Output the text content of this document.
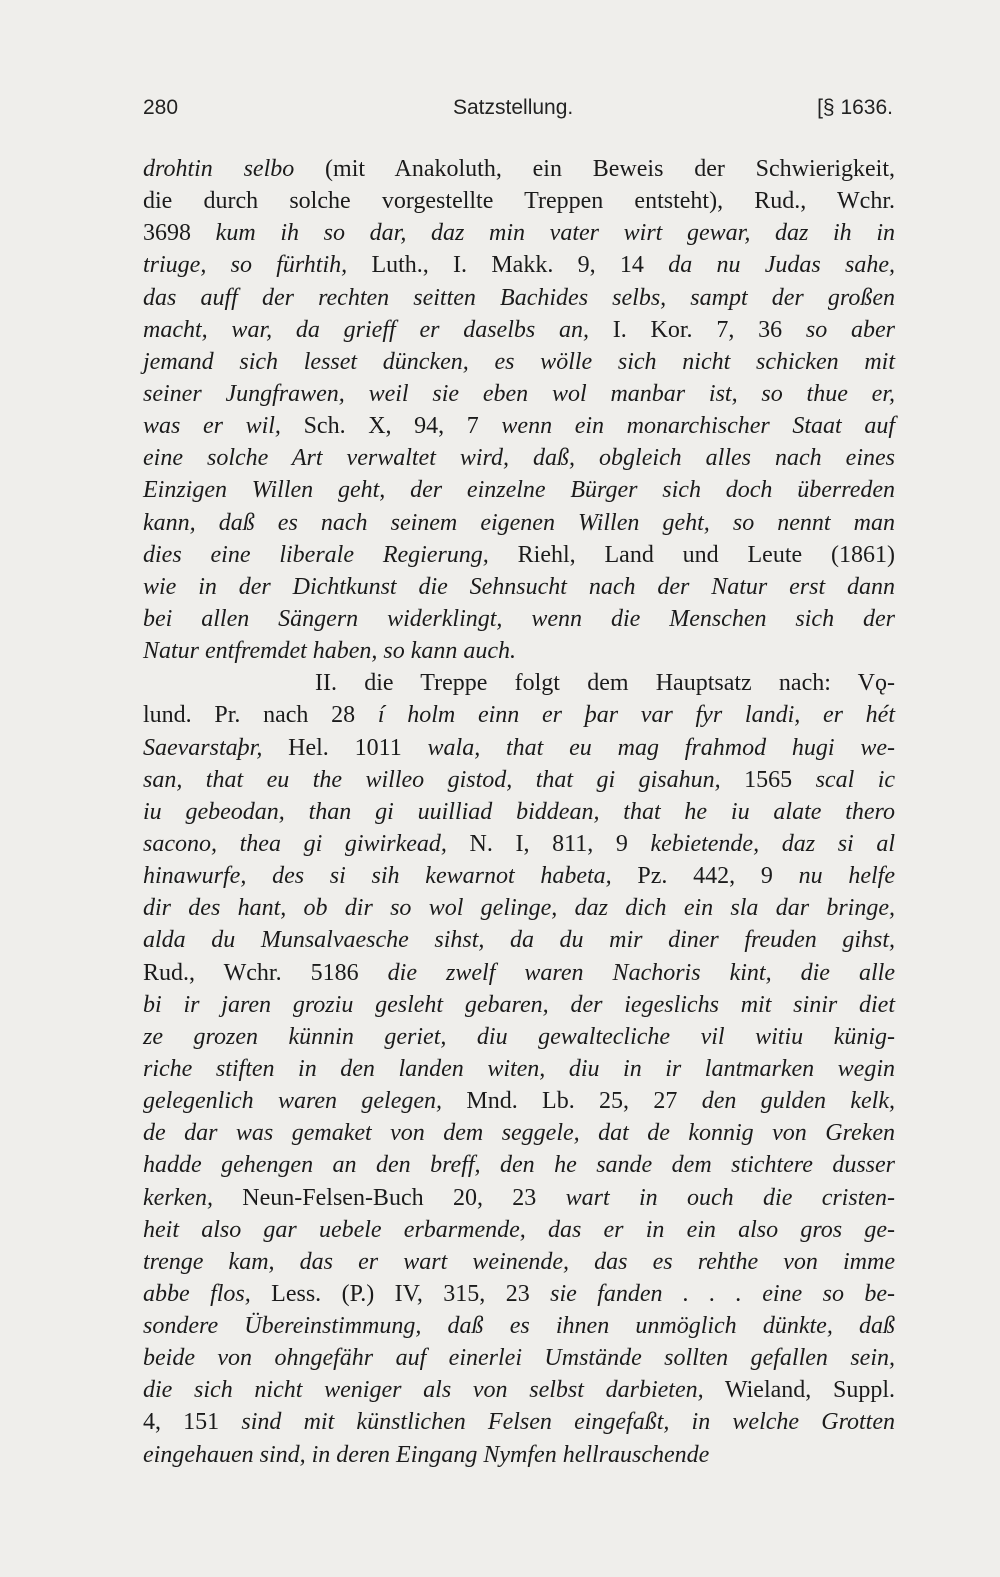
280	Satzstellung.	[§ 1636.
drohtin selbo (mit Anakoluth, ein Beweis der Schwierigkeit,
die durch solche vorgestellte Treppen entsteht), Rud., Wchr.
3698 kum ih so dar, daz min vater wirt gewar, daz ih in
triuge, so fürhtih, Luth., I. Makk. 9, 14 da nu Judas sahe,
das auff der rechten seitten Bachides selbs, sampt der großen
macht, war, da grieff er daselbs an, I. Kor. 7, 36 so aber
jemand sich lesset düncken, es wölle sich nicht schicken mit
seiner Jungfrawen, weil sie eben wol manbar ist, so thue er,
was er wil, Sch. X, 94, 7 wenn ein monarchischer Staat auf
eine solche Art verwaltet wird, daß, obgleich alles nach eines
Einzigen Willen geht, der einzelne Bürger sich doch überreden
kann, daß es nach seinem eigenen Willen geht, so nennt man
dies eine liberale Regierung, Riehl, Land und Leute (1861)
wie in der Dichtkunst die Sehnsucht nach der Natur erst dann
bei allen Sängern widerklingt, wenn die Menschen sich der
Natur entfremdet haben, so kann auch.
II. die Treppe folgt dem Hauptsatz nach: Vǫ-
lund. Pr. nach 28 í holm einn er þar var fyr landi, er hét
Saevarstaþr, Hel. 1011 wala, that eu mag frahmod hugi we-
san, that eu the willeo gistod, that gi gisahun, 1565 scal ic
iu gebeodan, than gi uuilliad biddean, that he iu alate thero
sacono, thea gi giwirkead, N. I, 811, 9 kebietende, daz si al
hinawurfe, des si sih kewarnot habeta, Pz. 442, 9 nu helfe
dir des hant, ob dir so wol gelinge, daz dich ein sla dar bringe,
alda du Munsalvaesche sihst, da du mir diner freuden gihst,
Rud., Wchr. 5186 die zwelf waren Nachoris kint, die alle
bi ir jaren groziu gesleht gebaren, der iegeslichs mit sinir diet
ze grozen künnin geriet, diu gewaltecliche vil witiu künig-
riche stiften in den landen witen, diu in ir lantmarken wegin
gelegenlich waren gelegen, Mnd. Lb. 25, 27 den gulden kelk,
de dar was gemaket von dem seggele, dat de konnig von Greken
hadde gehengen an den breff, den he sande dem stichtere dusser
kerken, Neun-Felsen-Buch 20, 23 wart in ouch die cristen-
heit also gar uebele erbarmende, das er in ein also gros ge-
trenge kam, das er wart weinende, das es rehthe von imme
abbe flos, Less. (P.) IV, 315, 23 sie fanden . . . eine so be-
sondere Übereinstimmung, daß es ihnen unmöglich dünkte, daß
beide von ohngefähr auf einerlei Umstände sollten gefallen sein,
die sich nicht weniger als von selbst darbieten, Wieland, Suppl.
4, 151 sind mit künstlichen Felsen eingefaßt, in welche Grotten
eingehauen sind, in deren Eingang Nymfen hellrauschende
